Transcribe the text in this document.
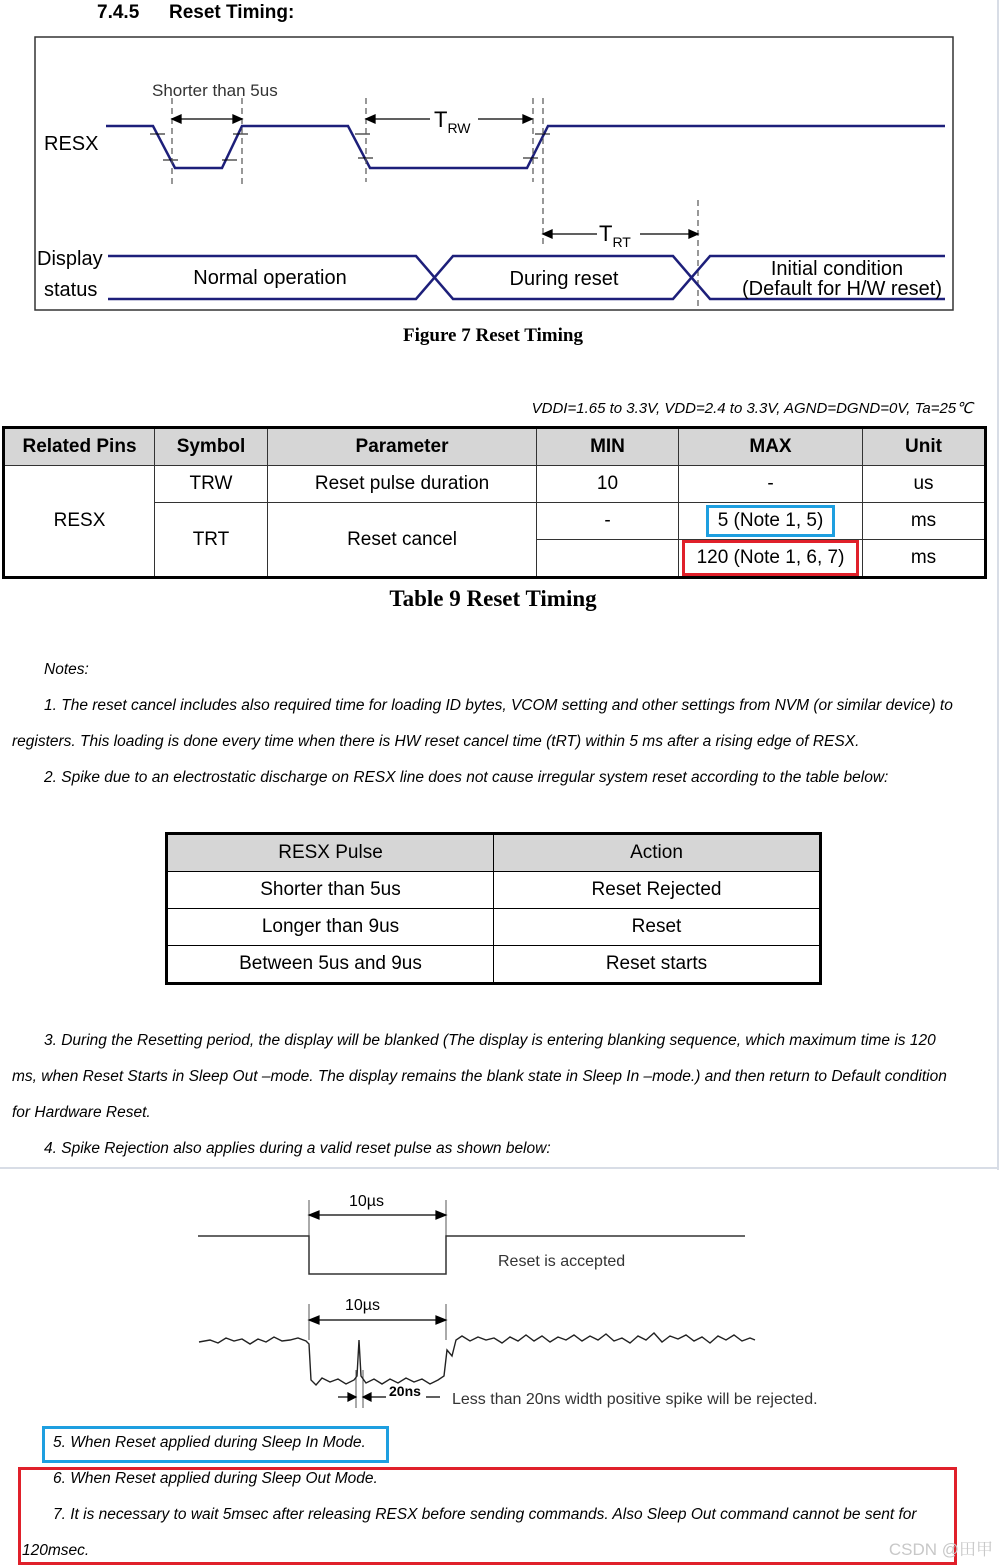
7.4.5 Reset Timing:
RESX
Shorter than 5us
$T_{RW}$
$T_{RT}$
Display
status
Normal operation	During reset	Initial condition
(Default for H/W reset)
Figure 7 Reset Timing
VDDI=1.65 to 3.3V, VDD=2.4 to 3.3V, AGND=DGND=0V, Ta=25℃
Related Pins	Symbol	Parameter	MIN	MAX	Unit
RESX	TRW	Reset pulse duration	10	-	us
	TRT	Reset cancel	-	5 (Note 1, 5)	ms
				120 (Note 1, 6, 7)	ms
Table 9 Reset Timing
Notes:
1. The reset cancel includes also required time for loading ID bytes, VCOM setting and other settings from NVM (or similar device) to
registers. This loading is done every time when there is HW reset cancel time (tRT) within 5 ms after a rising edge of RESX.
2. Spike due to an electrostatic discharge on RESX line does not cause irregular system reset according to the table below:
RESX Pulse	Action
Shorter than 5us	Reset Rejected
Longer than 9us	Reset
Between 5us and 9us	Reset starts
3. During the Resetting period, the display will be blanked (The display is entering blanking sequence, which maximum time is 120
ms, when Reset Starts in Sleep Out –mode. The display remains the blank state in Sleep In –mode.) and then return to Default condition
for Hardware Reset.
4. Spike Rejection also applies during a valid reset pulse as shown below:
10µs
Reset is accepted
10µs
20ns Less than 20ns width positive spike will be rejected.
5. When Reset applied during Sleep In Mode.
6. When Reset applied during Sleep Out Mode.
7. It is necessary to wait 5msec after releasing RESX before sending commands. Also Sleep Out command cannot be sent for
120msec.	CSDN @田甲
